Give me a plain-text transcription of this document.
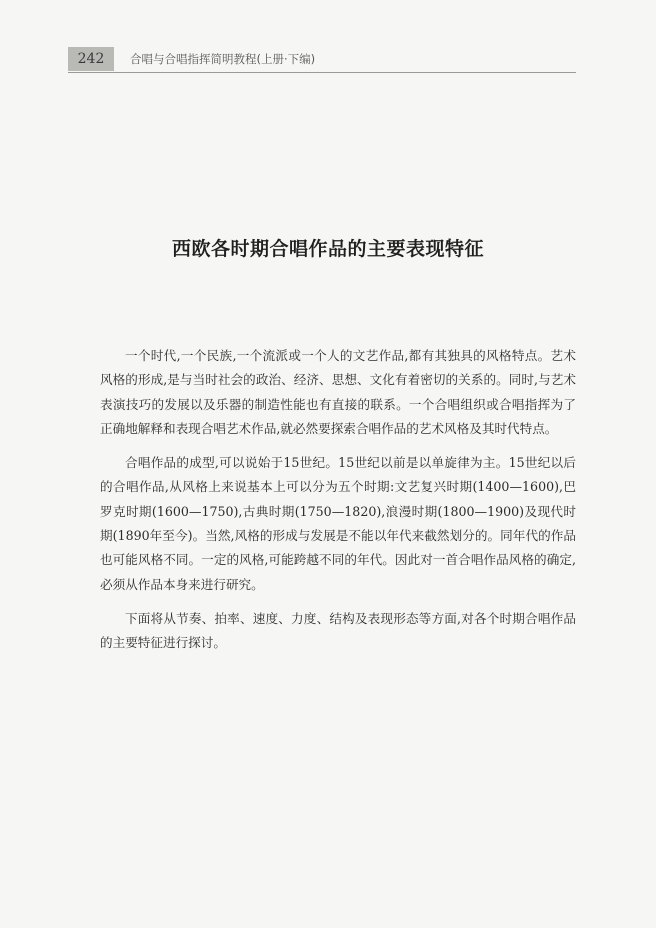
242	合唱与合唱指挥简明教程(上册·下编)
西欧各时期合唱作品的主要表现特征

一个时代,一个民族,一个流派或一个人的文艺作品,都有其独具的风格特点。艺术风格的形成,是与当时社会的政治、经济、思想、文化有着密切的关系的。同时,与艺术表演技巧的发展以及乐器的制造性能也有直接的联系。一个合唱组织或合唱指挥为了正确地解释和表现合唱艺术作品,就必然要探索合唱作品的艺术风格及其时代特点。

合唱作品的成型,可以说始于15世纪。15世纪以前是以单旋律为主。15世纪以后的合唱作品,从风格上来说基本上可以分为五个时期:文艺复兴时期(1400—1600),巴罗克时期(1600—1750),古典时期(1750—1820),浪漫时期(1800—1900)及现代时期(1890年至今)。当然,风格的形成与发展是不能以年代来截然划分的。同年代的作品也可能风格不同。一定的风格,可能跨越不同的年代。因此对一首合唱作品风格的确定,必须从作品本身来进行研究。

下面将从节奏、拍率、速度、力度、结构及表现形态等方面,对各个时期合唱作品的主要特征进行探讨。
